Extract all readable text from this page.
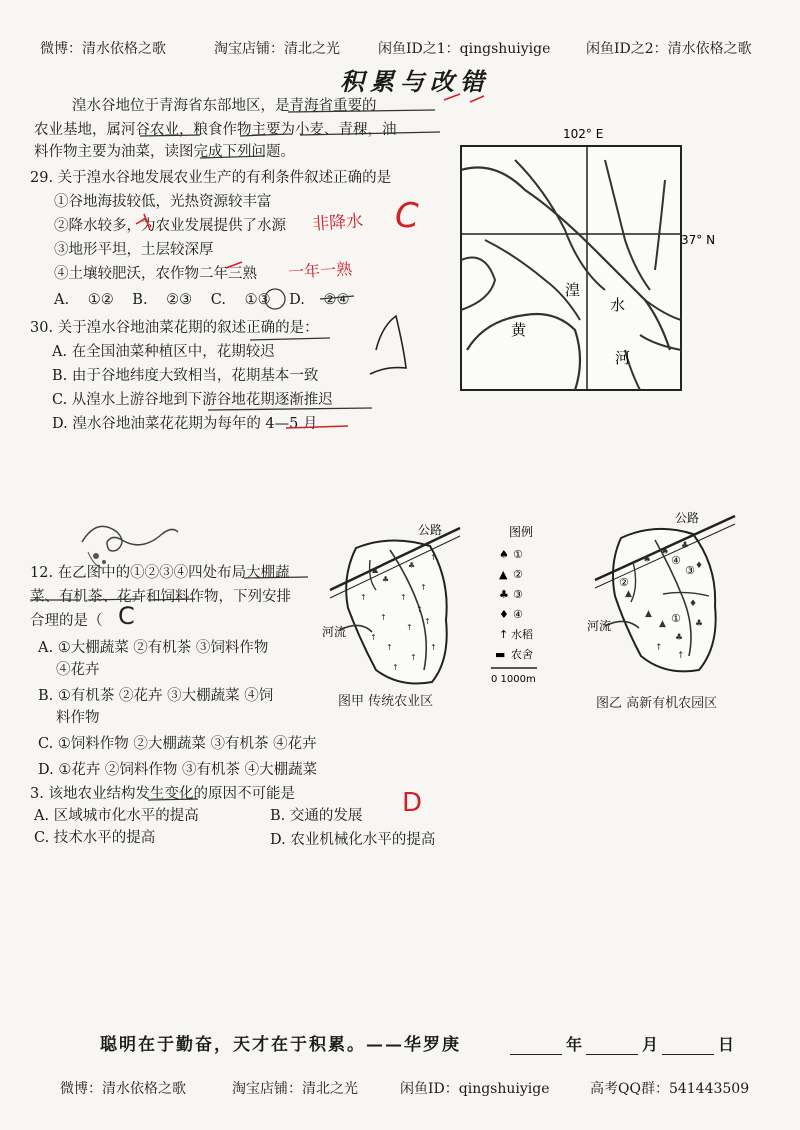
微博：清水依格之歌	淘宝店铺：清北之光	闲鱼ID之1：qingshuiyige	闲鱼ID之2：清水依格之歌
积累与改错
湟水谷地位于青海省东部地区，是青海省重要的
农业基地，属河谷农业，粮食作物主要为小麦、青稞，油
料作物主要为油菜，读图完成下列问题。
29. 关于湟水谷地发展农业生产的有利条件叙述正确的是
①谷地海拔较低，光热资源较丰富
②降水较多，为农业发展提供了水源
③地形平坦，土层较深厚
④土壤较肥沃，农作物二年三熟
A. ①② B. ②③ C. ①③ D. ②④
非降水
一年一熟
C
30. 关于湟水谷地油菜花期的叙述正确的是：
A. 在全国油菜种植区中，花期较迟
B. 由于谷地纬度大致相当，花期基本一致
C. 从湟水上游谷地到下游谷地花期逐渐推迟
D. 湟水谷地油菜花花期为每年的 4—5 月
102° E
37° N
湟
水
黄
河
12. 在乙图中的①②③④四处布局大棚蔬
菜、有机茶、花卉和饲料作物，下列安排
合理的是（ C
A. ①大棚蔬菜 ②有机茶 ③饲料作物
④花卉
B. ①有机茶 ②花卉 ③大棚蔬菜 ④饲
料作物
C. ①饲料作物 ②大棚蔬菜 ③有机茶 ④花卉
D. ①花卉 ②饲料作物 ③有机茶 ④大棚蔬菜
♣
♣
↑
↑
↑
↑
↑
↑
↑
↑
↑
↑
↑
↑
▲
↑
公路
河流
图甲 传统农业区
图例
♠ ①
▲ ②
♣ ③
♦ ④
↑ 水稻
▬ 农舍
0 1000m
♠
♠
♣
♦
▲
▲
♣
♣
↑
↑
▲
♦
公路
河流
②
③
④
①
图乙 高新有机农园区
3. 该地农业结构发生变化的原因不可能是
A. 区域城市化水平的提高	B. 交通的发展
C. 技术水平的提高	D. 农业机械化水平的提高
D
聪明在于勤奋，天才在于积累。——华罗庚	年	月	日
微博：清水依格之歌	淘宝店铺：清北之光	闲鱼ID：qingshuiyige	高考QQ群：541443509
